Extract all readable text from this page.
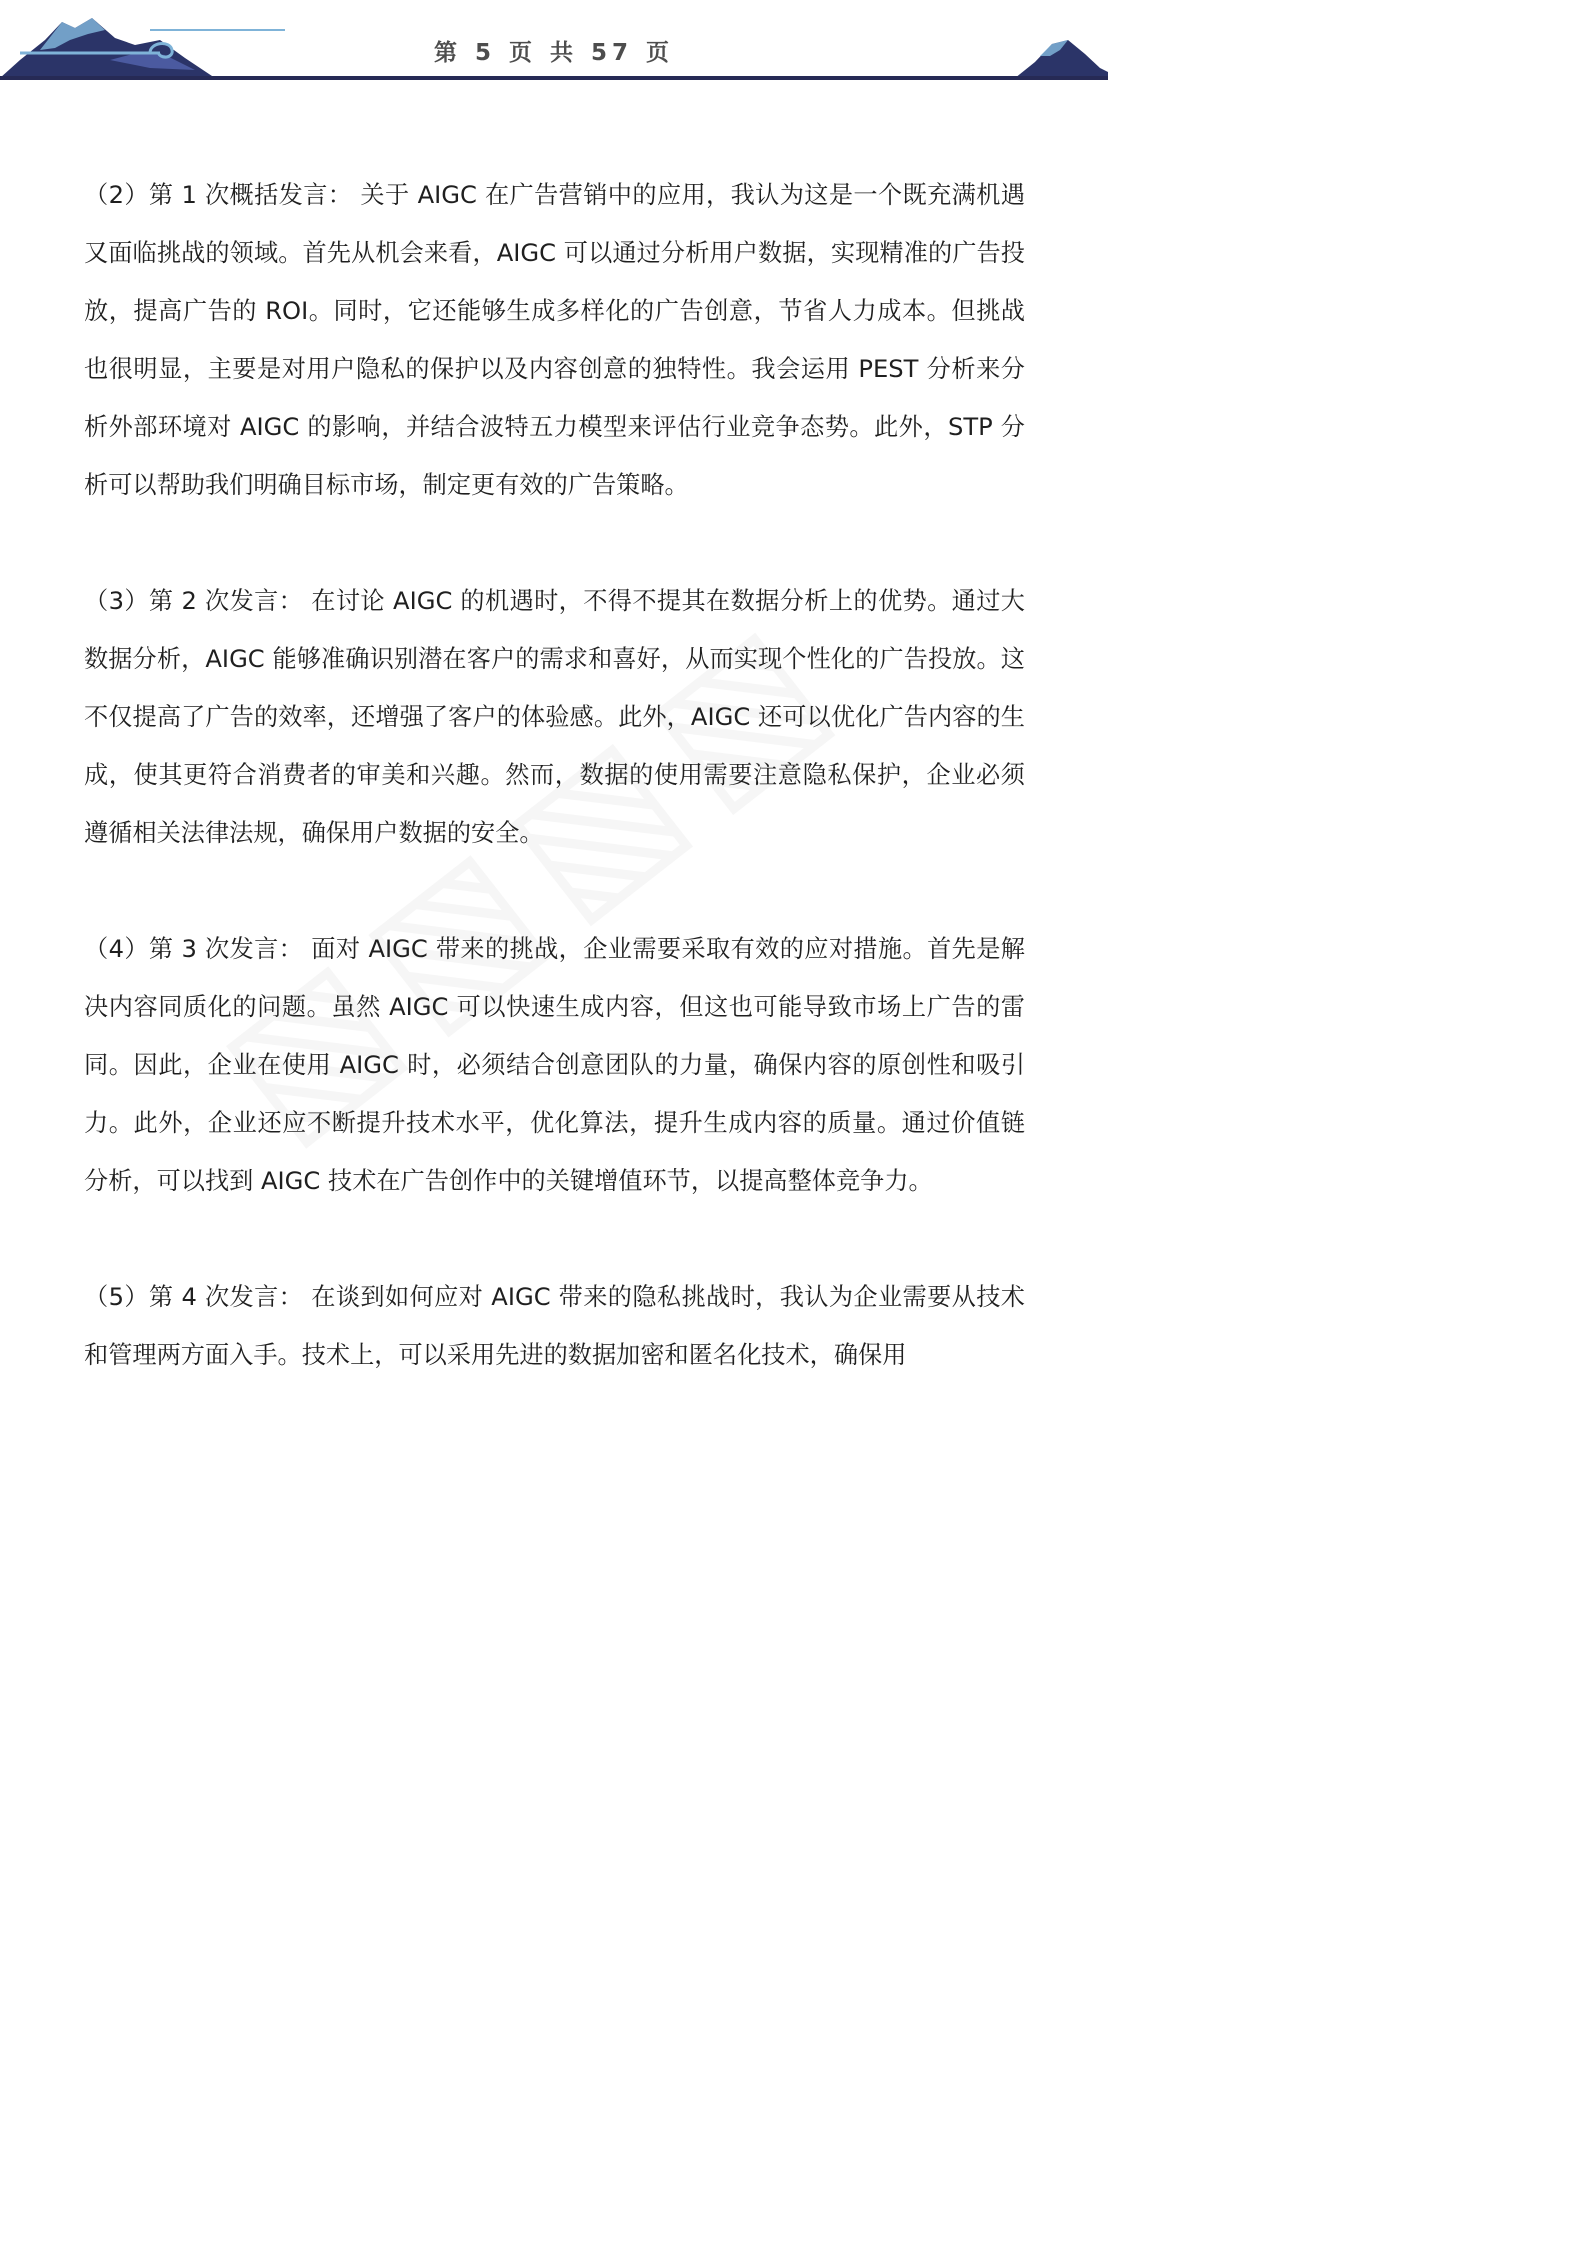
第 5 页 共 57 页

（2）第 1 次概括发言： 关于 AIGC 在广告营销中的应用，我认为这是一个既充满机遇又面临挑战的领域。首先从机会来看，AIGC 可以通过分析用户数据，实现精准的广告投放，提高广告的 ROI。同时，它还能够生成多样化的广告创意，节省人力成本。但挑战也很明显，主要是对用户隐私的保护以及内容创意的独特性。我会运用 PEST 分析来分析外部环境对 AIGC 的影响，并结合波特五力模型来评估行业竞争态势。此外，STP 分析可以帮助我们明确目标市场，制定更有效的广告策略。

（3）第 2 次发言： 在讨论 AIGC 的机遇时，不得不提其在数据分析上的优势。通过大数据分析，AIGC 能够准确识别潜在客户的需求和喜好，从而实现个性化的广告投放。这不仅提高了广告的效率，还增强了客户的体验感。此外，AIGC 还可以优化广告内容的生成，使其更符合消费者的审美和兴趣。然而，数据的使用需要注意隐私保护，企业必须遵循相关法律法规，确保用户数据的安全。

（4）第 3 次发言： 面对 AIGC 带来的挑战，企业需要采取有效的应对措施。首先是解决内容同质化的问题。虽然 AIGC 可以快速生成内容，但这也可能导致市场上广告的雷同。因此，企业在使用 AIGC 时，必须结合创意团队的力量，确保内容的原创性和吸引力。此外，企业还应不断提升技术水平，优化算法，提升生成内容的质量。通过价值链分析，可以找到 AIGC 技术在广告创作中的关键增值环节，以提高整体竞争力。

（5）第 4 次发言： 在谈到如何应对 AIGC 带来的隐私挑战时，我认为企业需要从技术和管理两方面入手。技术上，可以采用先进的数据加密和匿名化技术，确保用
